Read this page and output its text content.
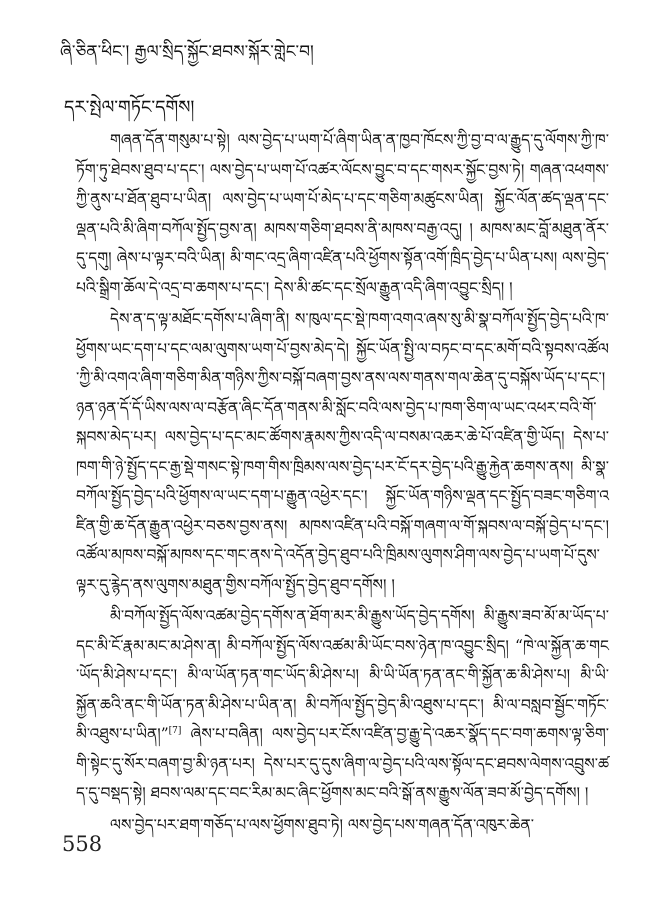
ཞི་ཅིན་ཕིང་། རྒྱལ་སྲིད་སྐྱོང་ཐབས་སྐོར་གླེང་བ།
དར་སྤེལ་གཏོང་དགོས།

གཞན་དོན་གསུམ་པ་སྟེ། ལས་བྱེད་པ་ཡག་པོ་ཞིག་ཡིན་ན་ཁྱབ་ཁོངས་ཀྱི་བྱ་བ་ལ་རྒྱུད་དུ་ལོགས་ཀྱི་ཁ་ཏོག་ཏུ་ཐེབས་ཐུབ་པ་དང་། ལས་བྱེད་པ་ཡག་པོ་འཚར་ལོངས་བྱུང་བ་དང་གསར་སྐྱོང་བྱས་ཏེ། གཞན་འཕགས་ཀྱི་ནུས་པ་ཐོན་ཐུབ་པ་ཡིན། ལས་བྱེད་པ་ཡག་པོ་མེད་པ་དང་གཅིག་མཚུངས་ཡིན། སྐྱོང་ལོན་ཚད་ལྡན་དང་ལྡན་པའི་མི་ཞིག་བཀོལ་སྤྱོད་བྱས་ན། མཁས་གཅིག་ཐབས་ནི་མཁས་བརྒྱ་འདུ། ། མཁས་མང་བློ་མཐུན་ནོར་དུ་དགུ། ཞེས་པ་ལྟར་བའི་ཡིན། མི་གང་འདྲ་ཞིག་འཛིན་པའི་ཕྱོགས་སྟོན་འགོ་ཁྲིད་བྱེད་པ་ཡིན་པས། ལས་བྱེད་པའི་སྒྲིག་ཆོལ་དེ་འདྲ་བ་ཆགས་པ་དང་། དེས་མི་ཚང་དང་སྲོལ་རྒྱུན་འདི་ཞིག་འབྱུང་སྲིད། །

དེས་ན་ད་ལྟ་མཐོང་དགོས་པ་ཞིག་ནི། ས་ཁུལ་དང་སྡེ་ཁག་འགའ་ཞས་སུ་མི་སྣ་བཀོལ་སྤྱོད་བྱེད་པའི་ཁ་ཕྱོགས་ཡང་དག་པ་དང་ལམ་ལུགས་ཡག་པོ་བྱས་མེད་དེ། སྐྱོང་ཡོན་སྤྱི་ལ་བཏང་བ་དང་མགོ་བའི་སྟབས་འཚོལ་ཀྱི་མི་འགའ་ཞིག་གཅིག་མིན་གཉིས་ཀྱིས་བསྐོ་བཞག་བྱས་ནས་ལས་གནས་གལ་ཆེན་དུ་བསྐོས་ཡོད་པ་དང་། ཉན་ཉན་དོ་དོ་ཡིས་ལས་ལ་བརྩོན་ཞིང་དོན་གནས་མི་སློང་བའི་ལས་བྱེད་པ་ཁག་ཅིག་ལ་ཡང་འཕར་བའི་གོ་སྐབས་མེད་པར། ལས་བྱེད་པ་དང་མང་ཚོགས་རྣམས་ཀྱིས་འདི་ལ་བསམ་འཆར་ཆེ་པོ་འཛིན་གྱི་ཡོད། དེས་པ་ཁག་གི་ཉེ་སྤྱོད་དང་རྒྱ་སྡེ་གསང་སྟེ་ཁག་གིས་ཁྲིམས་ལས་བྱེད་པར་ངོ་དར་བྱེད་པའི་རྒྱུ་རྐྱེན་ཆགས་ནས། མི་སྣ་བཀོལ་སྤྱོད་བྱེད་པའི་ཕྱོགས་ལ་ཡང་དག་པ་རྒྱུན་འཕྱེར་དང་། སྐྱོང་ཡོན་གཉིས་ལྡན་དང་སྤྱོད་བཟང་གཅིག་འཛིན་གྱི་ཆ་དོན་རྒྱུན་འཕྱེར་བཅས་བྱས་ནས། མཁས་འཛིན་པའི་བསྐོ་གཞག་ལ་གོ་སྐབས་ལ་བསྐོ་བྱེད་པ་དང་། འཚོལ་མཁས་བསྐོ་མཁས་དང་གང་ནས་དེ་འདོན་བྱེད་ཐུབ་པའི་ཁྲིམས་ལུགས་ཤིག་ལས་བྱེད་པ་ཡག་པོ་དུས་ལྟར་དུ་རྙེད་ནས་ལུགས་མཐུན་གྱིས་བཀོལ་སྤྱོད་བྱེད་ཐུབ་དགོས། །

མི་བཀོལ་སྤྱོད་ལོས་འཚམ་བྱེད་དགོས་ན་ཐོག་མར་མི་རྒྱུས་ཡོད་བྱེད་དགོས། མི་རྒྱུས་ཟབ་མོ་མ་ཡོད་པ་དང་མི་ངོ་རྣམ་མང་མ་ཤེས་ན། མི་བཀོལ་སྤྱོད་ལོས་འཚམ་མི་ཡོང་བས་ཉེན་ཁ་འབྱུང་སྲིད། “ཁེ་ལ་སྐྱོན་ཆ་གང་ཡོད་མི་ཤེས་པ་དང་། མི་ལ་ཡོན་ཏན་གང་ཡོད་མི་ཤེས་པ། མི་ཡི་ཡོན་ཏན་ནང་གི་སྐྱོན་ཆ་མི་ཤེས་པ། མི་ཡི་སྐྱོན་ཆའི་ནང་གི་ཡོན་ཏན་མི་ཤེས་པ་ཡིན་ན། མི་བཀོལ་སྤྱོད་བྱེད་མི་འཐུས་པ་དང་། མི་ལ་བསླབ་སྦྱོང་གཏོང་མི་འཐུས་པ་ཡིན།”[7] ཞེས་པ་བཞིན། ལས་བྱེད་པར་ངོས་འཛིན་བྱ་རྒྱུ་དེ་འཆར་སྣོད་དང་བག་ཆགས་ལྟ་ཅིག་གི་སྟེང་དུ་སོར་བཞག་བྱ་མི་ཉན་པར། དེས་པར་དུ་དུས་ཞིག་ལ་བྱེད་པའི་ལས་སྟོལ་དང་ཐབས་ལེགས་འབྲུས་ཚད་དུ་བསྡད་སྟེ། ཐབས་ལམ་དང་བང་རིམ་མང་ཞིང་ཕྱོགས་མང་བའི་སྒོ་ནས་རྒྱུས་ལོན་ཟབ་མོ་བྱེད་དགོས། །

ལས་བྱེད་པར་ཐག་གཅོད་པ་ལས་ཕྱོགས་ཐུབ་ཏེ། ལས་བྱེད་པས་གཞན་དོན་འཁུར་ཆེན་

558
